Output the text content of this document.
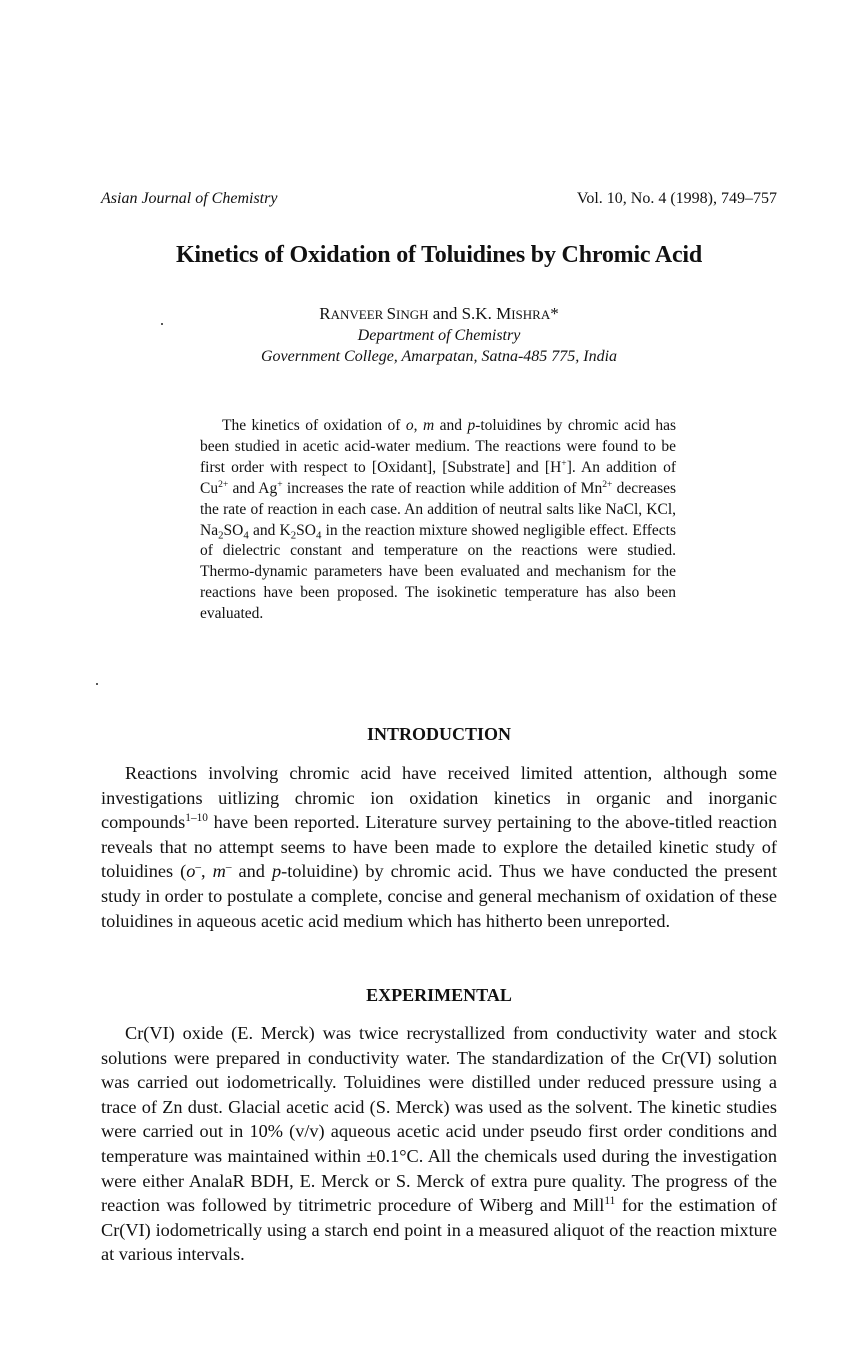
Asian Journal of Chemistry	Vol. 10, No. 4 (1998), 749–757
Kinetics of Oxidation of Toluidines by Chromic Acid
RANVEER SINGH and S.K. MISHRA*
Department of Chemistry
Government College, Amarpatan, Satna-485 775, India
The kinetics of oxidation of o, m and p-toluidines by chromic acid has been studied in acetic acid-water medium. The reactions were found to be first order with respect to [Oxidant], [Substrate] and [H+]. An addition of $Cu^{2+}$ and Ag+ increases the rate of reaction while addition of $Mn^{2+}$ decreases the rate of reaction in each case. An addition of neutral salts like NaCl, KCl, $Na_2SO_4$ and $K_2SO_4$ in the reaction mixture showed negligible effect. Effects of dielectric constant and temperature on the reactions were studied. Thermo-dynamic parameters have been evaluated and mechanism for the reactions have been proposed. The isokinetic temperature has also been evaluated.
INTRODUCTION
Reactions involving chromic acid have received limited attention, although some investigations uitlizing chromic ion oxidation kinetics in organic and inorganic compounds$^{1-10}$ have been reported. Literature survey pertaining to the above-titled reaction reveals that no attempt seems to have been made to explore the detailed kinetic study of toluidines (o–, m– and p-toluidine) by chromic acid. Thus we have conducted the present study in order to postulate a complete, concise and general mechanism of oxidation of these toluidines in aqueous acetic acid medium which has hitherto been unreported.
EXPERIMENTAL
Cr(VI) oxide (E. Merck) was twice recrystallized from conductivity water and stock solutions were prepared in conductivity water. The standardization of the Cr(VI) solution was carried out iodometrically. Toluidines were distilled under reduced pressure using a trace of Zn dust. Glacial acetic acid (S. Merck) was used as the solvent. The kinetic studies were carried out in 10% (v/v) aqueous acetic acid under pseudo first order conditions and temperature was maintained within ±0.1°C. All the chemicals used during the investigation were either AnalaR BDH, E. Merck or S. Merck of extra pure quality. The progress of the reaction was followed by titrimetric procedure of Wiberg and Mill$^{11}$ for the estimation of Cr(VI) iodometrically using a starch end point in a measured aliquot of the reaction mixture at various intervals.
